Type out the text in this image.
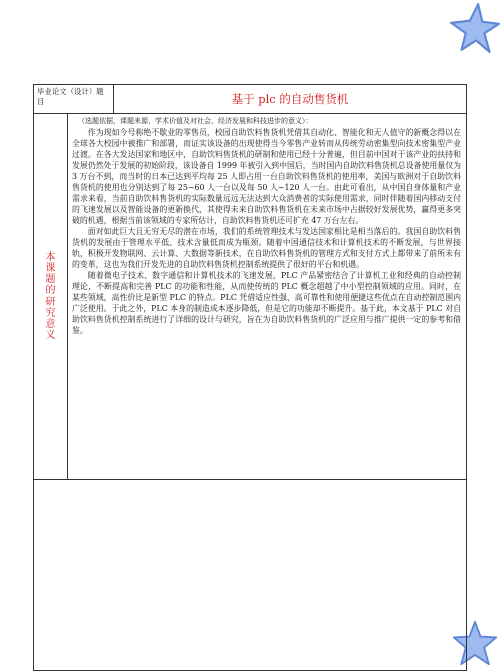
毕业论文（设计）题目	基于 plc 的自动售货机
本课题的研究意义

（选题依据，课题来源，学术价值及对社会、经济发展和科技进步的意义）：

作为现如今号称绝不歇业的零售员，校园自助饮料售货机凭借其自动化、智能化和无人值守的新概念得以在全球各大校园中被推广和部署，而证实该设备的出现使得当今零售产业转而从传统劳动密集型向技术密集型产业过渡。在各大发达国家和地区中，自助饮料售货机的研制和使用已经十分普遍，但目前中国对于该产业的扶持和发展仍然处于发展的初始阶段，该设备自 1999 年被引入到中国后，当时国内自助饮料售货机总设备使用量仅为 3 万台不到，而当时的日本已达到平均每 25 人即占用一台自助饮料售货机的使用率，美国与欧洲对于自助饮料售货机的使用也分别达到了每 25~60 人一台以及每 50 人~120 人一台。由此可看出，从中国自身体量和产业需求来看，当前自助饮料售货机的实际数量远远无法达到大众消费者的实际使用需求，同时伴随着国内移动支付的飞速发展以及智能设备的更新换代，其使得未来自助饮料售货机在未来市场中占据较好发展优势，赢得更多突破的机遇，根据当前该领域的专家所估计，自助饮料售货机还可扩充 47 万台左右。

面对如此巨大且无穷无尽的潜在市场，我们的系统管理技术与发达国家相比是相当落后的。我国自助饮料售货机的发展由于管理水平低、技术含量低而成为瓶颈。随着中国通信技术和计算机技术的不断发展，与世界接轨，积极开发物联网、云计算、大数据等新技术，在自助饮料售货机的管理方式和支付方式上都带来了前所未有的变革，这也为我们开发先进的自助饮料售货机控制系统提供了很好的平台和机遇。

随着微电子技术、数字通信和计算机技术的飞速发展，PLC 产品紧密结合了计算机工业和经典的自动控制理论，不断提高和完善 PLC 的功能和性能，从而使传统的 PLC 概念超越了中小型控制领域的应用。同时，在某些领域，高性价比是新型 PLC 的特点。PLC 凭借适应性强、高可靠性和使用便捷这些优点在自动控制范围内广泛使用。于此之外，PLC 本身的制造成本逐步降低，但是它的功能却不断提升。基于此，本文基于 PLC 对自助饮料售货机控制系统进行了详细的设计与研究，旨在为自助饮料售货机的广泛应用与推广提供一定的参考和借鉴。
